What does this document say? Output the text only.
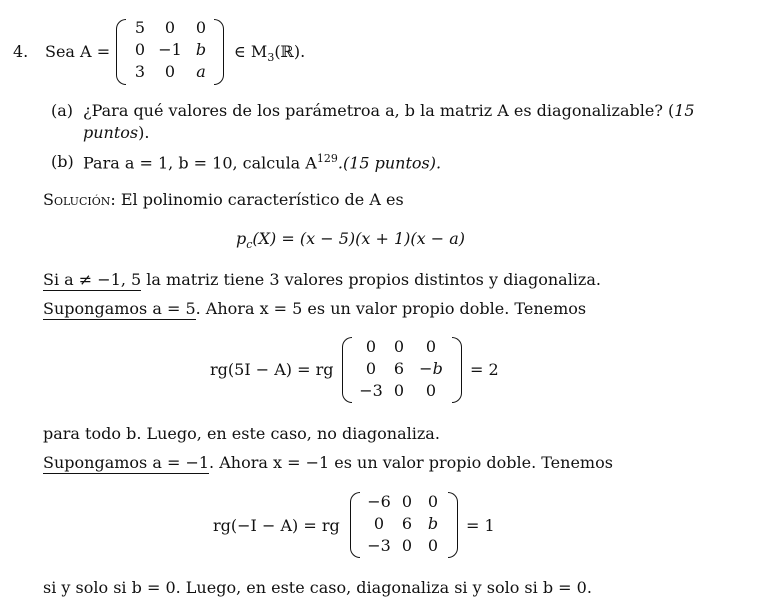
4. Sea A =
5	0	0
0 −1 b
3	0	a
∈ $M_3(ℝ)$.
(a) ¿Para qué valores de los parámetroa a, b la matriz A es diagonalizable? (15
puntos).
(b) Para a = 1, b = 10, calcula $A^{129}.(15$ puntos).
Solución: El polinomio característico de A es
$p_c(X) = (x - 5)(x + 1)(x - a)$
Si a ≠ −1, 5 la matriz tiene 3 valores propios distintos y diagonaliza.
Supongamos a = 5. Ahora x = 5 es un valor propio doble. Tenemos
rg(5I − A) = rg
0	0	0
0	6 −b
−3 0	0
= 2
para todo b. Luego, en este caso, no diagonaliza.
Supongamos a = −1. Ahora x = −1 es un valor propio doble. Tenemos
rg(−I − A) = rg
−6 0 0
0	6 b
−3 0 0
= 1
si y solo si b = 0. Luego, en este caso, diagonaliza si y solo si b = 0.
